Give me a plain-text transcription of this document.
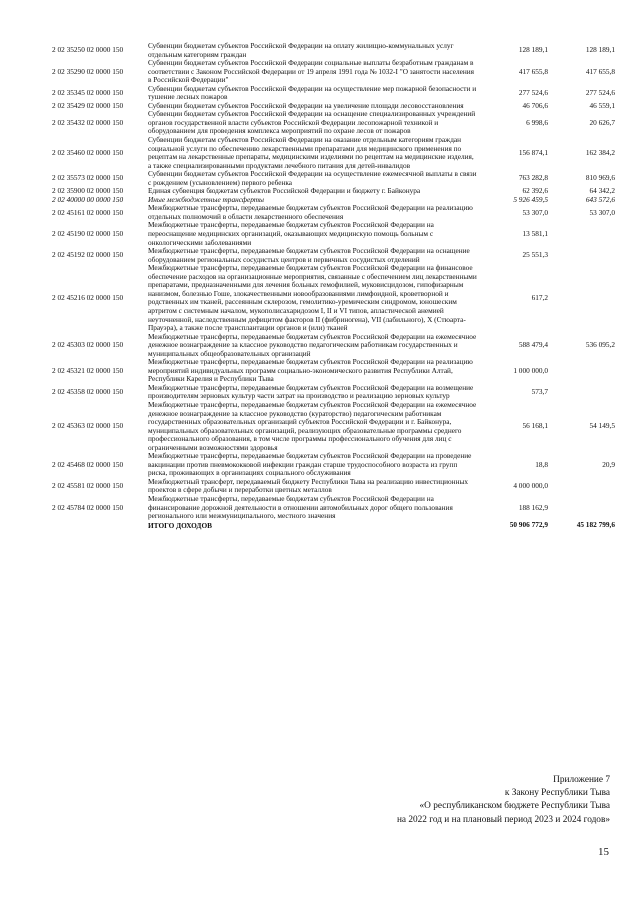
2 02 35250 02 0000 150	Субвенции бюджетам субъектов Российской Федерации на оплату жилищно-коммунальных услуг отдельным категориям граждан	128 189,1	128 189,1
2 02 35290 02 0000 150	Субвенции бюджетам субъектов Российской Федерации социальные выплаты безработным гражданам в соответствии с Законом Российской Федерации от 19 апреля 1991 года № 1032-I "О занятости населения в Российской Федерации"	417 655,8	417 655,8
2 02 35345 02 0000 150	Субвенции бюджетам субъектов Российской Федерации на осуществление мер пожарной безопасности и тушение лесных пожаров	277 524,6	277 524,6
2 02 35429 02 0000 150	Субвенции бюджетам субъектов Российской Федерации на увеличение площади лесовосстановления	46 706,6	46 559,1
2 02 35432 02 0000 150	Субвенции бюджетам субъектов Российской Федерации на оснащение специализированных учреждений органов государственной власти субъектов Российской Федерации лесопожарной техникой и оборудованием для проведения комплекса мероприятий по охране лесов от пожаров	6 998,6	20 626,7
2 02 35460 02 0000 150	Субвенции бюджетам субъектов Российской Федерации на оказание отдельным категориям граждан социальной услуги по обеспечению лекарственными препаратами для медицинского применения по рецептам на лекарственные препараты, медицинскими изделиями по рецептам на медицинские изделия, а также специализированными продуктами лечебного питания для детей-инвалидов	156 874,1	162 384,2
2 02 35573 02 0000 150	Субвенции бюджетам субъектов Российской Федерации на осуществление ежемесячной выплаты в связи с рождением (усыновлением) первого ребенка	763 282,8	810 969,6
2 02 35900 02 0000 150	Единая субвенция бюджетам субъектов Российской Федерации и бюджету г. Байконура	62 392,6	64 342,2
2 02 40000 00 0000 150	Иные межбюджетные трансферты	5 926 459,5	643 572,6
2 02 45161 02 0000 150	Межбюджетные трансферты, передаваемые бюджетам субъектов Российской Федерации на реализацию отдельных полномочий в области лекарственного обеспечения	53 307,0	53 307,0
2 02 45190 02 0000 150	Межбюджетные трансферты, передаваемые бюджетам субъектов Российской Федерации на переоснащение медицинских организаций, оказывающих медицинскую помощь больным с онкологическими заболеваниями	13 581,1	
2 02 45192 02 0000 150	Межбюджетные трансферты, передаваемые бюджетам субъектов Российской Федерации на оснащение оборудованием региональных сосудистых центров и первичных сосудистых отделений	25 551,3	
2 02 45216 02 0000 150	Межбюджетные трансферты, передаваемые бюджетам субъектов Российской Федерации на финансовое обеспечение расходов на организационные мероприятия, связанные с обеспечением лиц лекарственными препаратами, предназначенными для лечения больных гемофилией, муковисцидозом, гипофизарным нанизмом, болезнью Гоше, злокачественными новообразованиями лимфоидной, кроветворной и родственных им тканей, рассеянным склерозом, гемолитико-уремическим синдромом, юношеским артритом с системным началом, мукополисахаридозом I, II и VI типов, апластической анемией неуточненной, наследственным дефицитом факторов II (фибриногена), VII (лабильного), X (Стюарта-Прауэра), а также после трансплантации органов и (или) тканей	617,2	
2 02 45303 02 0000 150	Межбюджетные трансферты, передаваемые бюджетам субъектов Российской Федерации на ежемесячное денежное вознаграждение за классное руководство педагогическим работникам государственных и муниципальных общеобразовательных организаций	588 479,4	536 095,2
2 02 45321 02 0000 150	Межбюджетные трансферты, передаваемые бюджетам субъектов Российской Федерации на реализацию мероприятий индивидуальных программ социально-экономического развития Республики Алтай, Республики Карелия и Республики Тыва	1 000 000,0	
2 02 45358 02 0000 150	Межбюджетные трансферты, передаваемые бюджетам субъектов Российской Федерации на возмещение производителям зерновых культур части затрат на производство и реализацию зерновых культур	573,7	
2 02 45363 02 0000 150	Межбюджетные трансферты, передаваемые бюджетам субъектов Российской Федерации на ежемесячное денежное вознаграждение за классное руководство (кураторство) педагогическим работникам государственных образовательных организаций субъектов Российской Федерации и г. Байконура, муниципальных образовательных организаций, реализующих образовательные программы среднего профессионального образования, в том числе программы профессионального обучения для лиц с ограниченными возможностями здоровья	56 168,1	54 149,5
2 02 45468 02 0000 150	Межбюджетные трансферты, передаваемые бюджетам субъектов Российской Федерации на проведение вакцинации против пневмококковой инфекции граждан старше трудоспособного возраста из групп риска, проживающих в организациях социального обслуживания	18,8	20,9
2 02 45581 02 0000 150	Межбюджетный трансферт, передаваемый бюджету Республики Тыва на реализацию инвестиционных проектов в сфере добычи и переработки цветных металлов	4 000 000,0	
2 02 45784 02 0000 150	Межбюджетные трансферты, передаваемые бюджетам субъектов Российской Федерации на финансирование дорожной деятельности в отношении автомобильных дорог общего пользования регионального или межмуниципального, местного значения	188 162,9	
	ИТОГО ДОХОДОВ	50 906 772,9	45 182 799,6
Приложение 7
к Закону Республики Тыва
«О республиканском бюджете Республики Тыва
на 2022 год и на плановый период 2023 и 2024 годов»
15
